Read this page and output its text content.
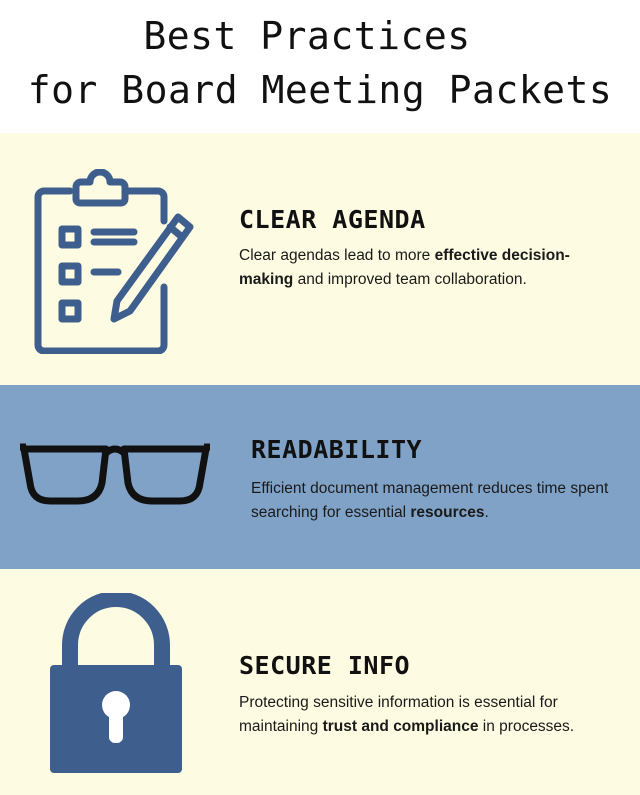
Best Practices
for Board Meeting Packets
CLEAR AGENDA
Clear agendas lead to more effective decision-making and improved team collaboration.
READABILITY
Efficient document management reduces time spent searching for essential resources.
SECURE INFO
Protecting sensitive information is essential for maintaining trust and compliance in processes.
